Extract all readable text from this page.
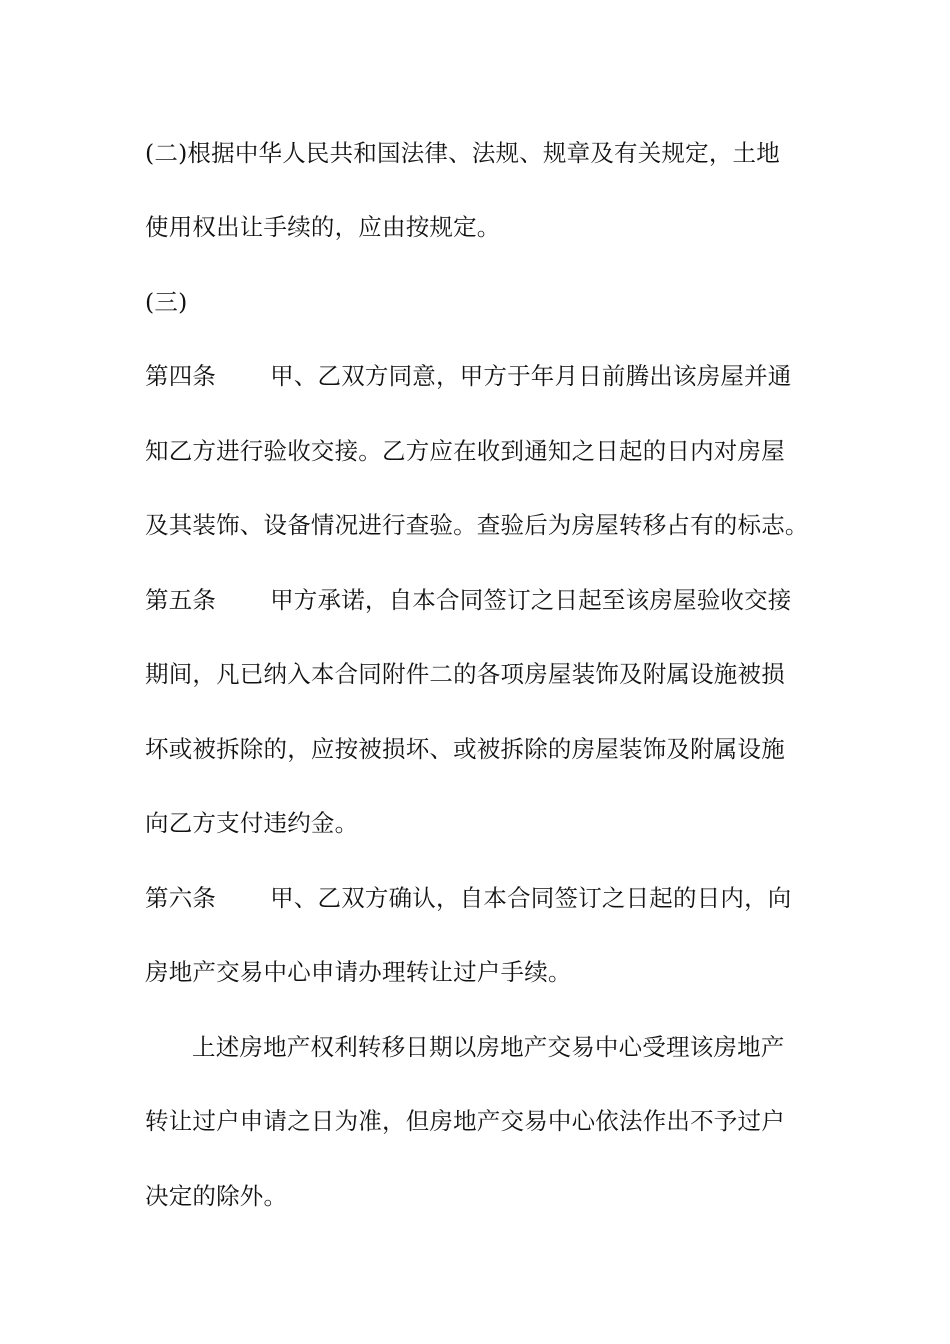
(二)根据中华人民共和国法律、法规、规章及有关规定，土地
使用权出让手续的，应由按规定。
(三)
第四条 甲、乙双方同意，甲方于年月日前腾出该房屋并通
知乙方进行验收交接。乙方应在收到通知之日起的日内对房屋
及其装饰、设备情况进行查验。查验后为房屋转移占有的标志。
第五条 甲方承诺，自本合同签订之日起至该房屋验收交接
期间，凡已纳入本合同附件二的各项房屋装饰及附属设施被损
坏或被拆除的，应按被损坏、或被拆除的房屋装饰及附属设施
向乙方支付违约金。
第六条 甲、乙双方确认，自本合同签订之日起的日内，向
房地产交易中心申请办理转让过户手续。
上述房地产权利转移日期以房地产交易中心受理该房地产
转让过户申请之日为准，但房地产交易中心依法作出不予过户
决定的除外。
